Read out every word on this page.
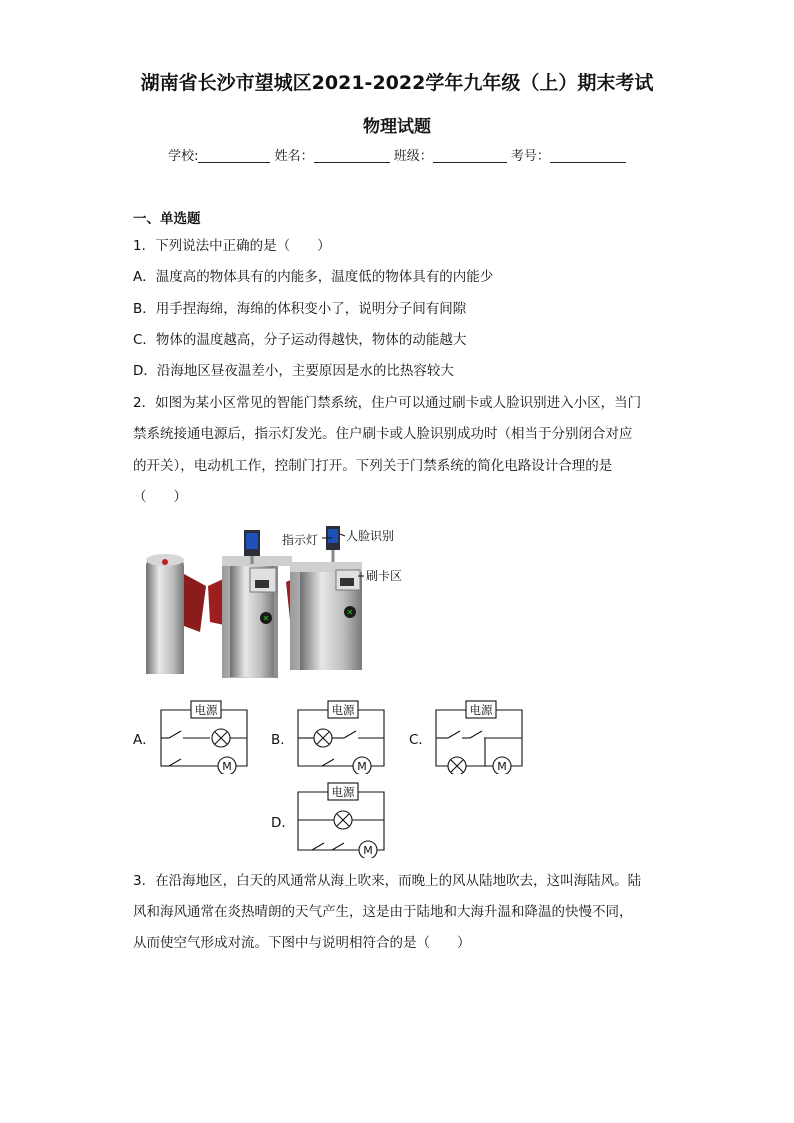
湖南省长沙市望城区2021-2022学年九年级（上）期末考试
物理试题
学校:	姓名：	班级：	考号：
一、单选题
1．下列说法中正确的是（　　）
A．温度高的物体具有的内能多，温度低的物体具有的内能少
B．用手捏海绵，海绵的体积变小了，说明分子间有间隙
C．物体的温度越高，分子运动得越快，物体的动能越大
D．沿海地区昼夜温差小，主要原因是水的比热容较大
2．如图为某小区常见的智能门禁系统，住户可以通过刷卡或人脸识别进入小区，当门
禁系统接通电源后，指示灯发光。住户刷卡或人脸识别成功时（相当于分别闭合对应
的开关），电动机工作，控制门打开。下列关于门禁系统的简化电路设计合理的是
（　　）
✕
✕
指示灯 人脸识别
刷卡区
A．	B．	C．
D．
电源
M
电源
M
电源
M
电源
M
3．在沿海地区，白天的风通常从海上吹来，而晚上的风从陆地吹去，这叫海陆风。陆
风和海风通常在炎热晴朗的天气产生，这是由于陆地和大海升温和降温的快慢不同，
从而使空气形成对流。下图中与说明相符合的是（　　）
